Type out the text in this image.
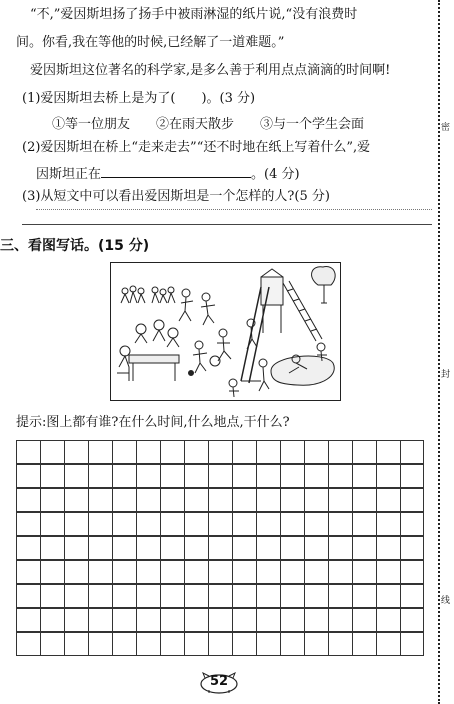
密
封
线
“不,”爱因斯坦扬了扬手中被雨淋湿的纸片说,“没有浪费时
间。你看,我在等他的时候,已经解了一道难题。”
爱因斯坦这位著名的科学家,是多么善于利用点点滴滴的时间啊!
(1)爱因斯坦去桥上是为了(　　)。(3 分)
①等一位朋友　　②在雨天散步　　③与一个学生会面
(2)爱因斯坦在桥上“走来走去”“还不时地在纸上写着什么”,爱
因斯坦正在	。(4 分)
(3)从短文中可以看出爱因斯坦是一个怎样的人?(5 分)
三、看图写话。(15 分)
提示:图上都有谁?在什么时间,什么地点,干什么?
52
